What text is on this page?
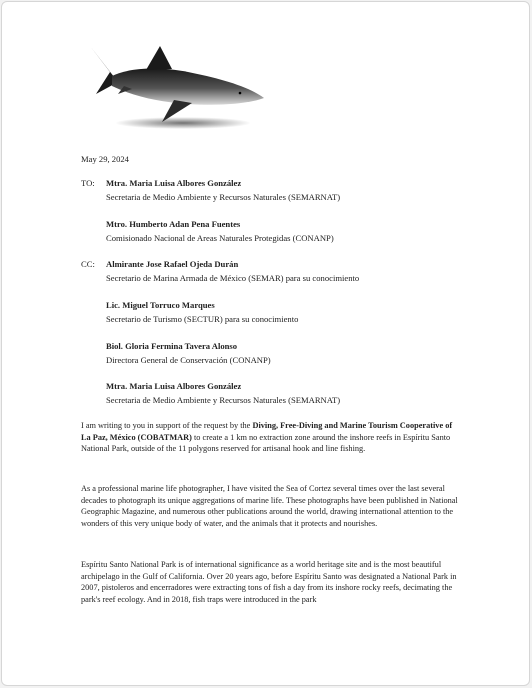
May 29, 2024
TO: Mtra. Maria Luisa Albores González
Secretaria de Medio Ambiente y Recursos Naturales (SEMARNAT)
Mtro. Humberto Adan Pena Fuentes
Comisionado Nacional de Areas Naturales Protegidas (CONANP)
CC: Almirante Jose Rafael Ojeda Durán
Secretario de Marina Armada de México (SEMAR) para su conocimiento
Lic. Miguel Torruco Marques
Secretario de Turismo (SECTUR) para su conocimiento
Biol. Gloria Fermina Tavera Alonso
Directora General de Conservación (CONANP)
Mtra. Maria Luisa Albores González
Secretaria de Medio Ambiente y Recursos Naturales (SEMARNAT)
I am writing to you in support of the request by the Diving, Free-Diving and Marine Tourism Cooperative of La Paz, México (COBATMAR) to create a 1 km no extraction zone around the inshore reefs in Espíritu Santo National Park, outside of the 11 polygons reserved for artisanal hook and line fishing.
As a professional marine life photographer, I have visited the Sea of Cortez several times over the last several decades to photograph its unique aggregations of marine life. These photographs have been published in National Geographic Magazine, and numerous other publications around the world, drawing international attention to the wonders of this very unique body of water, and the animals that it protects and nourishes.
Espíritu Santo National Park is of international significance as a world heritage site and is the most beautiful archipelago in the Gulf of California. Over 20 years ago, before Espíritu Santo was designated a National Park in 2007, pistoleros and encerradores were extracting tons of fish a day from its inshore rocky reefs, decimating the park's reef ecology. And in 2018, fish traps were introduced in the park
